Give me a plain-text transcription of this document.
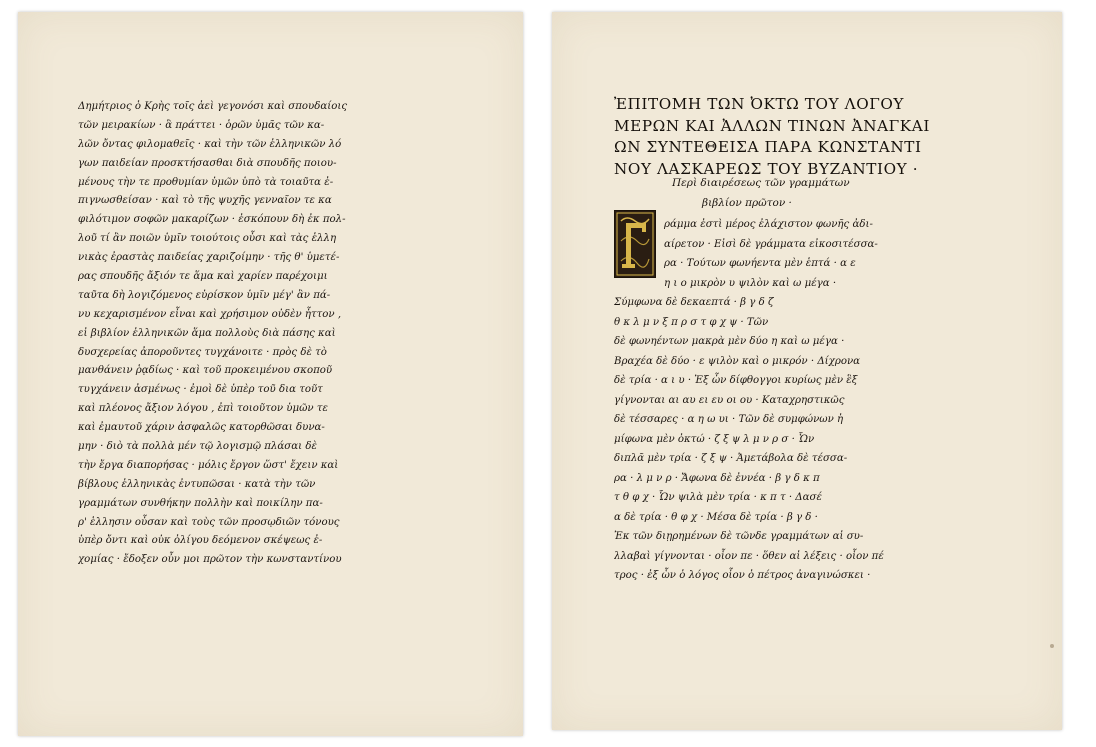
Δημήτριος ὁ Κρὴς τοῖς ἀεὶ γεγονόσι καὶ σπουδαίοις
τῶν μειρακίων · ἃ πράττει · ὁρῶν ὑμᾶς τῶν κα-
λῶν ὄντας φιλομαθεῖς · καὶ τὴν τῶν ἑλληνικῶν λό
γων παιδείαν προσκτήσασθαι διὰ σπουδῆς ποιου-
μένους τὴν τε προθυμίαν ὑμῶν ὑπὸ τὰ τοιαῦτα ἐ-
πιγνωσθείσαν · καὶ τὸ τῆς ψυχῆς γενναῖον τε κα
φιλότιμον σοφῶν μακαρίζων · ἐσκόπουν δὴ ἐκ πολ-
λοῦ τί ἂν ποιῶν ὑμῖν τοιούτοις οὖσι καὶ τὰς ἑλλη
νικὰς ἐραστὰς παιδείας χαριζοίμην · τῆς θ' ὑμετέ-
ρας σπουδῆς ἄξιόν τε ἅμα καὶ χαρίεν παρέχοιμι
ταῦτα δὴ λογιζόμενος εὑρίσκον ὑμῖν μέγ' ἂν πά-
νυ κεχαρισμένον εἶναι καὶ χρήσιμον οὐδὲν ἧττον ,
εἰ βιβλίον ἑλληνικῶν ἅμα πολλοὺς διὰ πάσης καὶ
δυσχερείας ἀποροῦντες τυγχάνοιτε · πρὸς δὲ τὸ
μανθάνειν ῥᾳδίως · καὶ τοῦ προκειμένου σκοποῦ
τυγχάνειν ἀσμένως · ἐμοὶ δὲ ὑπὲρ τοῦ δια τοῦτ
καὶ πλέονος ἄξιον λόγου , ἐπὶ τοιοῦτον ὑμῶν τε
καὶ ἐμαυτοῦ χάριν ἀσφαλῶς κατορθῶσαι δυνα-
μην · διὸ τὰ πολλὰ μέν τῷ λογισμῷ πλάσαι δὲ
τὴν ἔργα διαπορήσας · μόλις ἔργον ὥστ' ἔχειν καὶ
βίβλους ἑλληνικὰς ἐντυπῶσαι · κατὰ τὴν τῶν
γραμμάτων συνθήκην πολλὴν καὶ ποικίλην πα-
ρ' ἑλλησιν οὖσαν καὶ τοὺς τῶν προσῳδιῶν τόνους
ὑπὲρ ὄντι καὶ οὐκ ὀλίγου δεόμενον σκέψεως ἐ-
χομίας · ἔδοξεν οὖν μοι πρῶτον τὴν κωνσταντίνου
ἘΠΙΤΟΜΗ ΤΩΝ ὈΚΤΩ ΤΟΥ ΛΟΓΟΥ
ΜΕΡΩΝ ΚΑΙ ἈΛΛΩΝ ΤΙΝΩΝ ἈΝΑΓΚΑΙ
ΩΝ ΣΥΝΤΕΘΕΙΣΑ ΠΑΡΑ ΚΩΝΣΤΑΝΤΙ
ΝΟΥ ΛΑΣΚΑΡΕΩΣ ΤΟΥ ΒΥΖΑΝΤΙΟΥ ·
Περὶ διαιρέσεως τῶν γραμμάτων
βιβλίον πρῶτον ·
ράμμα ἐστὶ μέρος ἐλάχιστον φωνῆς ἀδι-
αίρετον · Εἰσὶ δὲ γράμματα εἰκοσιτέσσα-
ρα · Τούτων φωνήεντα μὲν ἑπτά · α ε
η ι ο μικρὸν υ ψιλὸν καὶ ω μέγα ·
Σύμφωνα δὲ δεκαεπτά · β γ δ ζ
θ κ λ μ ν ξ π ρ σ τ φ χ ψ · Τῶν
δὲ φωνηέντων μακρὰ μὲν δύο η καὶ ω μέγα ·
Βραχέα δὲ δύο · ε ψιλὸν καὶ ο μικρόν · Δίχρονα
δὲ τρία · α ι υ · Ἐξ ὧν δίφθογγοι κυρίως μὲν ἓξ
γίγνονται αι αυ ει ευ οι ου · Καταχρηστικῶς
δὲ τέσσαρες · α η ω υι · Τῶν δὲ συμφώνων ἡ
μίφωνα μὲν ὀκτώ · ζ ξ ψ λ μ ν ρ σ · Ὧν
διπλᾶ μὲν τρία · ζ ξ ψ · Ἀμετάβολα δὲ τέσσα-
ρα · λ μ ν ρ · Ἄφωνα δὲ ἐννέα · β γ δ κ π
τ θ φ χ · Ὧν ψιλὰ μὲν τρία · κ π τ · Δασέ
α δὲ τρία · θ φ χ · Μέσα δὲ τρία · β γ δ ·
Ἐκ τῶν διῃρημένων δὲ τῶνδε γραμμάτων αἱ συ-
λλαβαὶ γίγνονται · οἷον πε · ὅθεν αἱ λέξεις · οἷον πέ
τρος · ἐξ ὧν ὁ λόγος οἷον ὁ πέτρος ἀναγινώσκει ·
